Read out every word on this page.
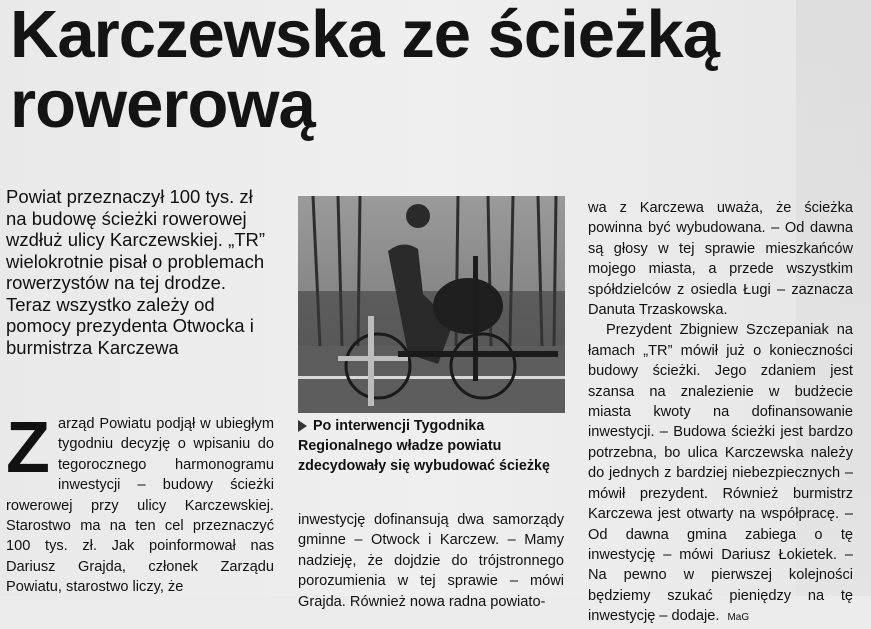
Karczewska ze ścieżką rowerową

Powiat przeznaczył 100 tys. zł na budowę ścieżki rowerowej wzdłuż ulicy Karczewskiej. „TR” wielokrotnie pisał o problemach rowerzystów na tej drodze. Teraz wszystko zależy od pomocy prezydenta Otwocka i burmistrza Karczewa

Zarząd Powiatu podjął w ubiegłym tygodniu decyzję o wpisaniu do tegorocznego harmonogramu inwestycji – budowy ścieżki rowerowej przy ulicy Karczewskiej. Starostwo ma na ten cel przeznaczyć 100 tys. zł. Jak poinformował nas Dariusz Grajda, członek Zarządu Powiatu, starostwo liczy, że

Po interwencji Tygodnika Regionalnego władze powiatu zdecydowały się wybudować ścieżkę

inwestycję dofinansują dwa samorządy gminne – Otwock i Karczew. – Mamy nadzieję, że dojdzie do trójstronnego porozumienia w tej sprawie – mówi Grajda. Również nowa radna powiato-

wa z Karczewa uważa, że ścieżka powinna być wybudowana. – Od dawna są głosy w tej sprawie mieszkańców mojego miasta, a przede wszystkim spółdzielców z osiedla Ługi – zaznacza Danuta Trzaskowska.
Prezydent Zbigniew Szczepaniak na łamach „TR” mówił już o konieczności budowy ścieżki. Jego zdaniem jest szansa na znalezienie w budżecie miasta kwoty na dofinansowanie inwestycji. – Budowa ścieżki jest bardzo potrzebna, bo ulica Karczewska należy do jednych z bardziej niebezpiecznych – mówił prezydent. Również burmistrz Karczewa jest otwarty na współpracę. – Od dawna gmina zabiega o tę inwestycję – mówi Dariusz Łokietek. – Na pewno w pierwszej kolejności będziemy szukać pieniędzy na tę inwestycję – dodaje. MaG
